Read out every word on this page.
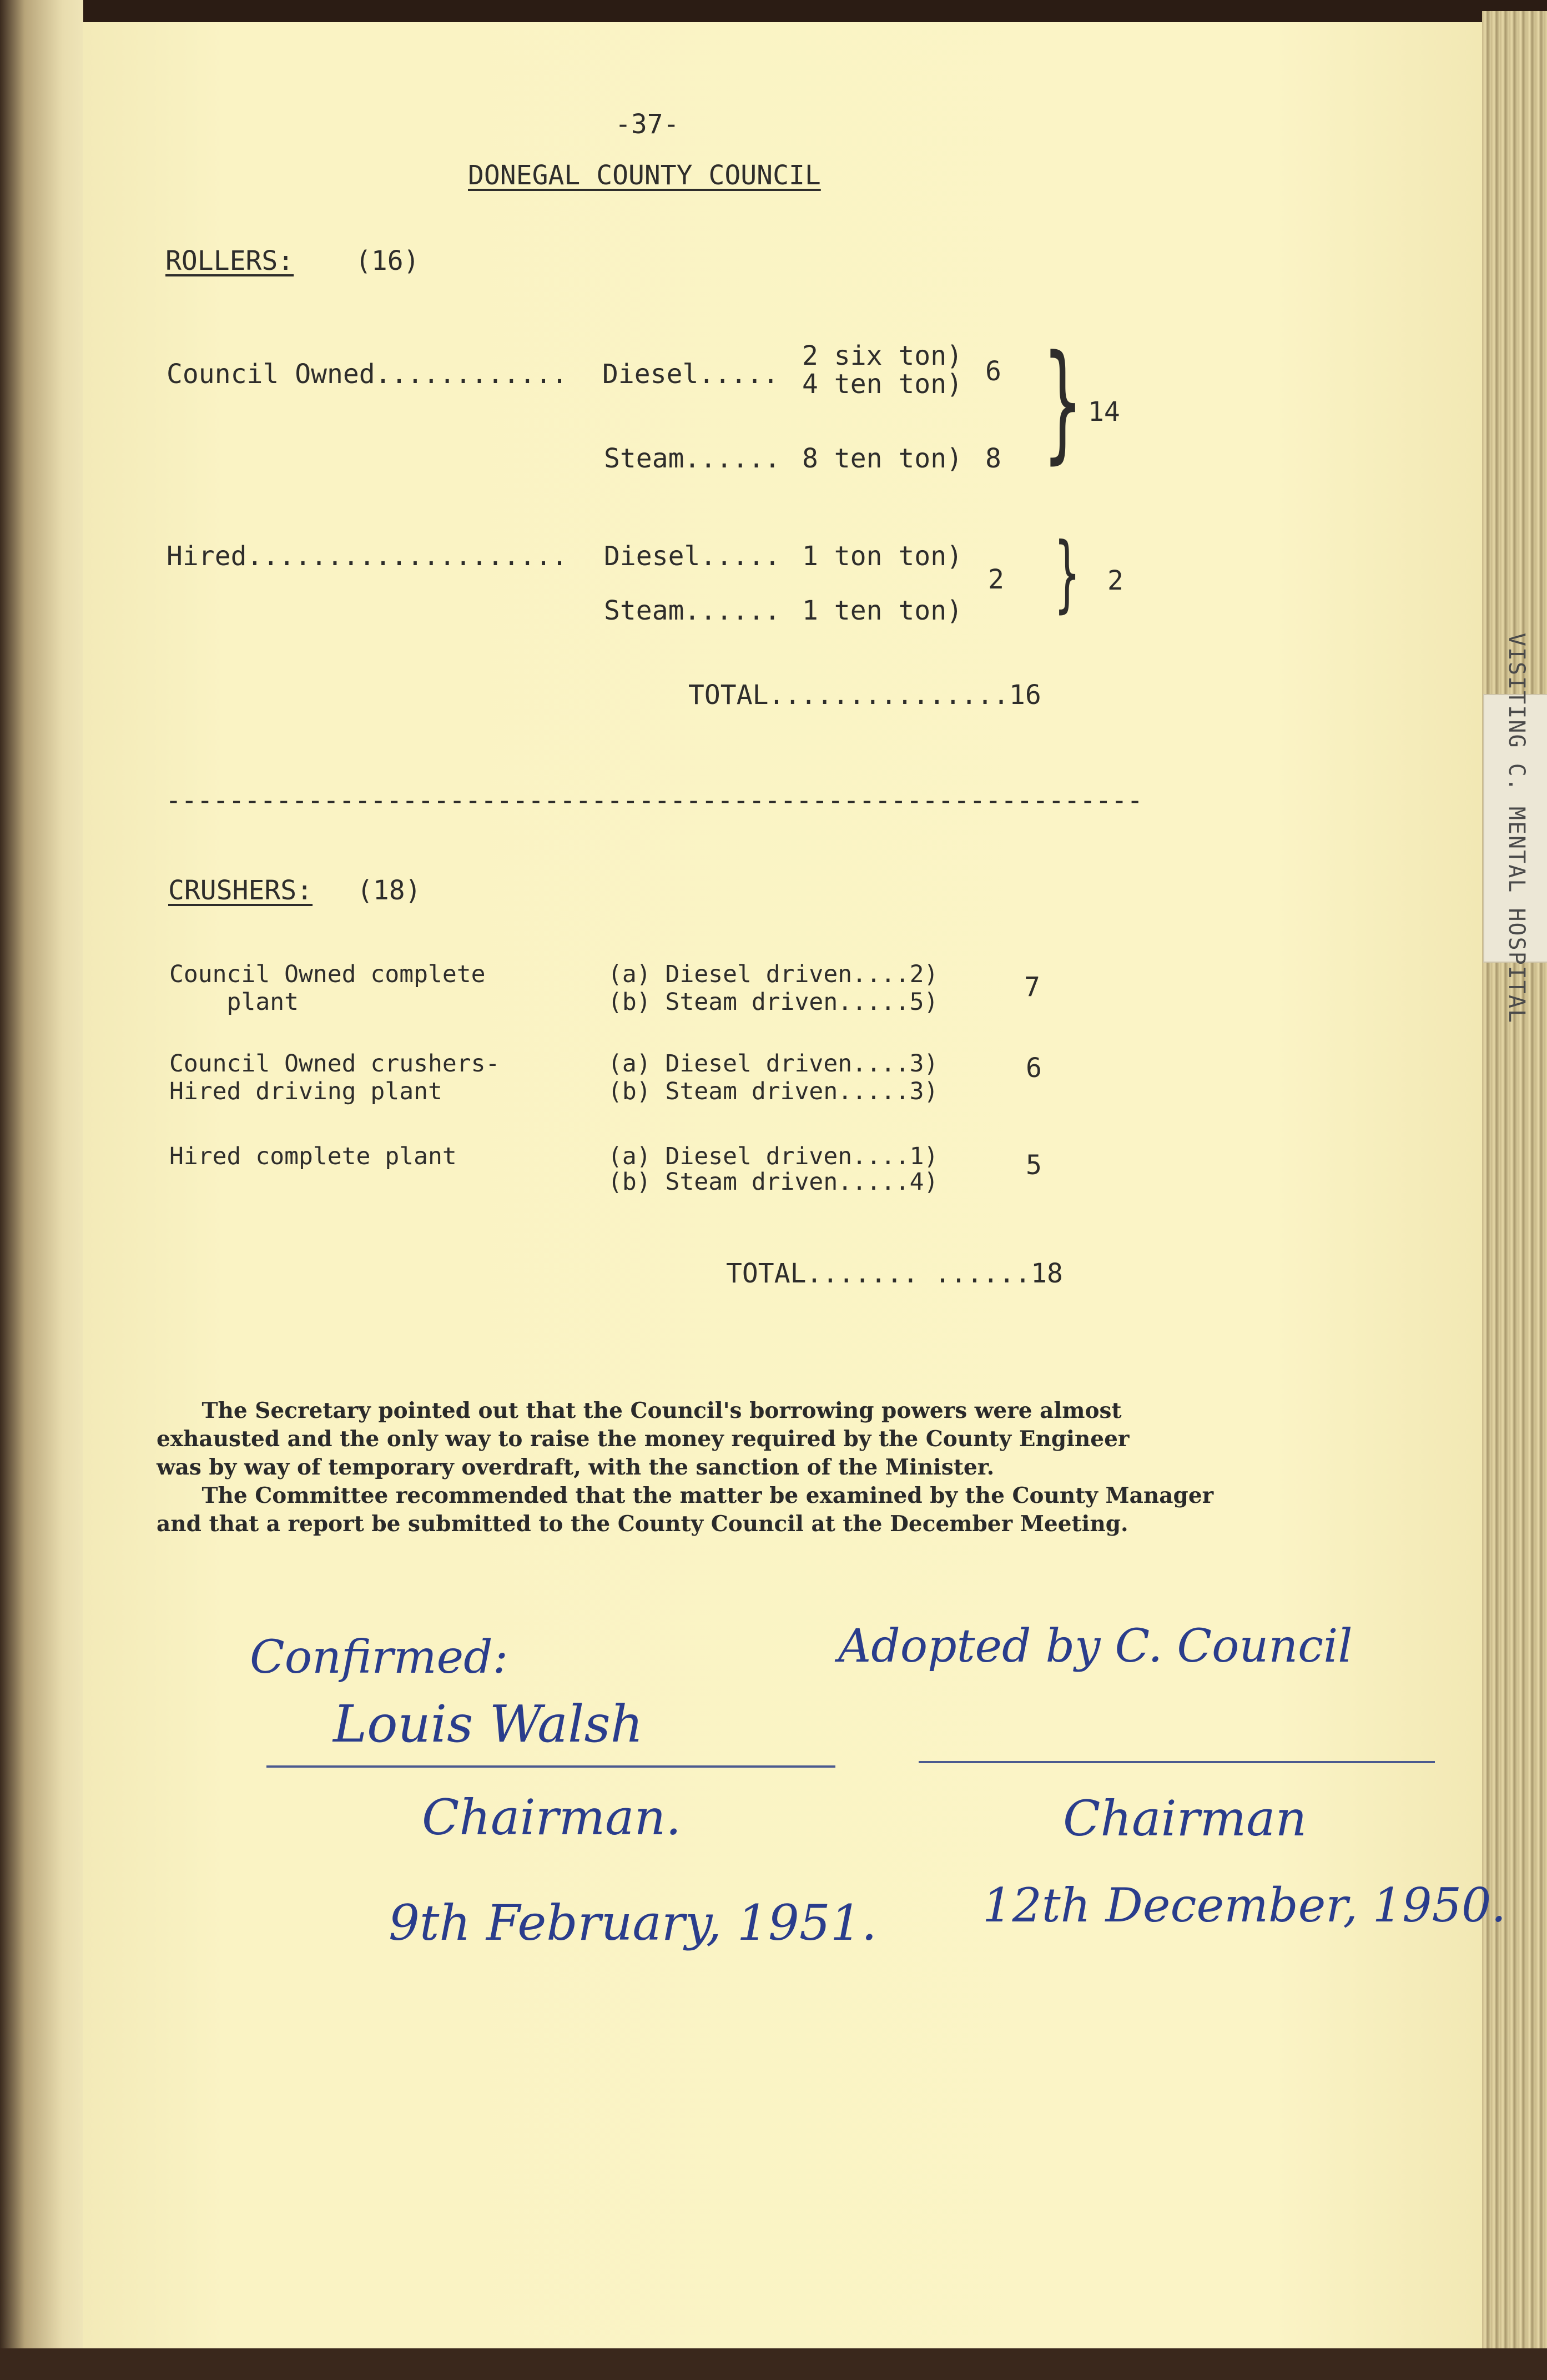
VISITING C. MENTAL HOSPITAL
-37-
DONEGAL COUNTY COUNCIL
ROLLERS: (16)
Council Owned............ Diesel.....
2 six ton)
4 ten ton) 6 } 14
Steam...... 8 ten ton) 8
Hired.................... Diesel..... 1 ton ton)
2 } 2
Steam...... 1 ten ton)
TOTAL...............16
--------------------------------------------------------------
CRUSHERS: (18)
Council Owned complete
plant
(a) Diesel driven....2)
(b) Steam driven.....5)	7
Council Owned crushers-
Hired driving plant
(a) Diesel driven....3)
(b) Steam driven.....3)
6
Hired complete plant	(a) Diesel driven....1)
(b) Steam driven.....4)
5
TOTAL....... ......18
The Secretary pointed out that the Council's borrowing powers were almost
exhausted and the only way to raise the money required by the County Engineer
was by way of temporary overdraft, with the sanction of the Minister.
The Committee recommended that the matter be examined by the County Manager
and that a report be submitted to the County Council at the December Meeting.
Confirmed:
Louis Walsh
Chairman.
9th February, 1951.
Adopted by C. Council
Chairman
12th December, 1950.
